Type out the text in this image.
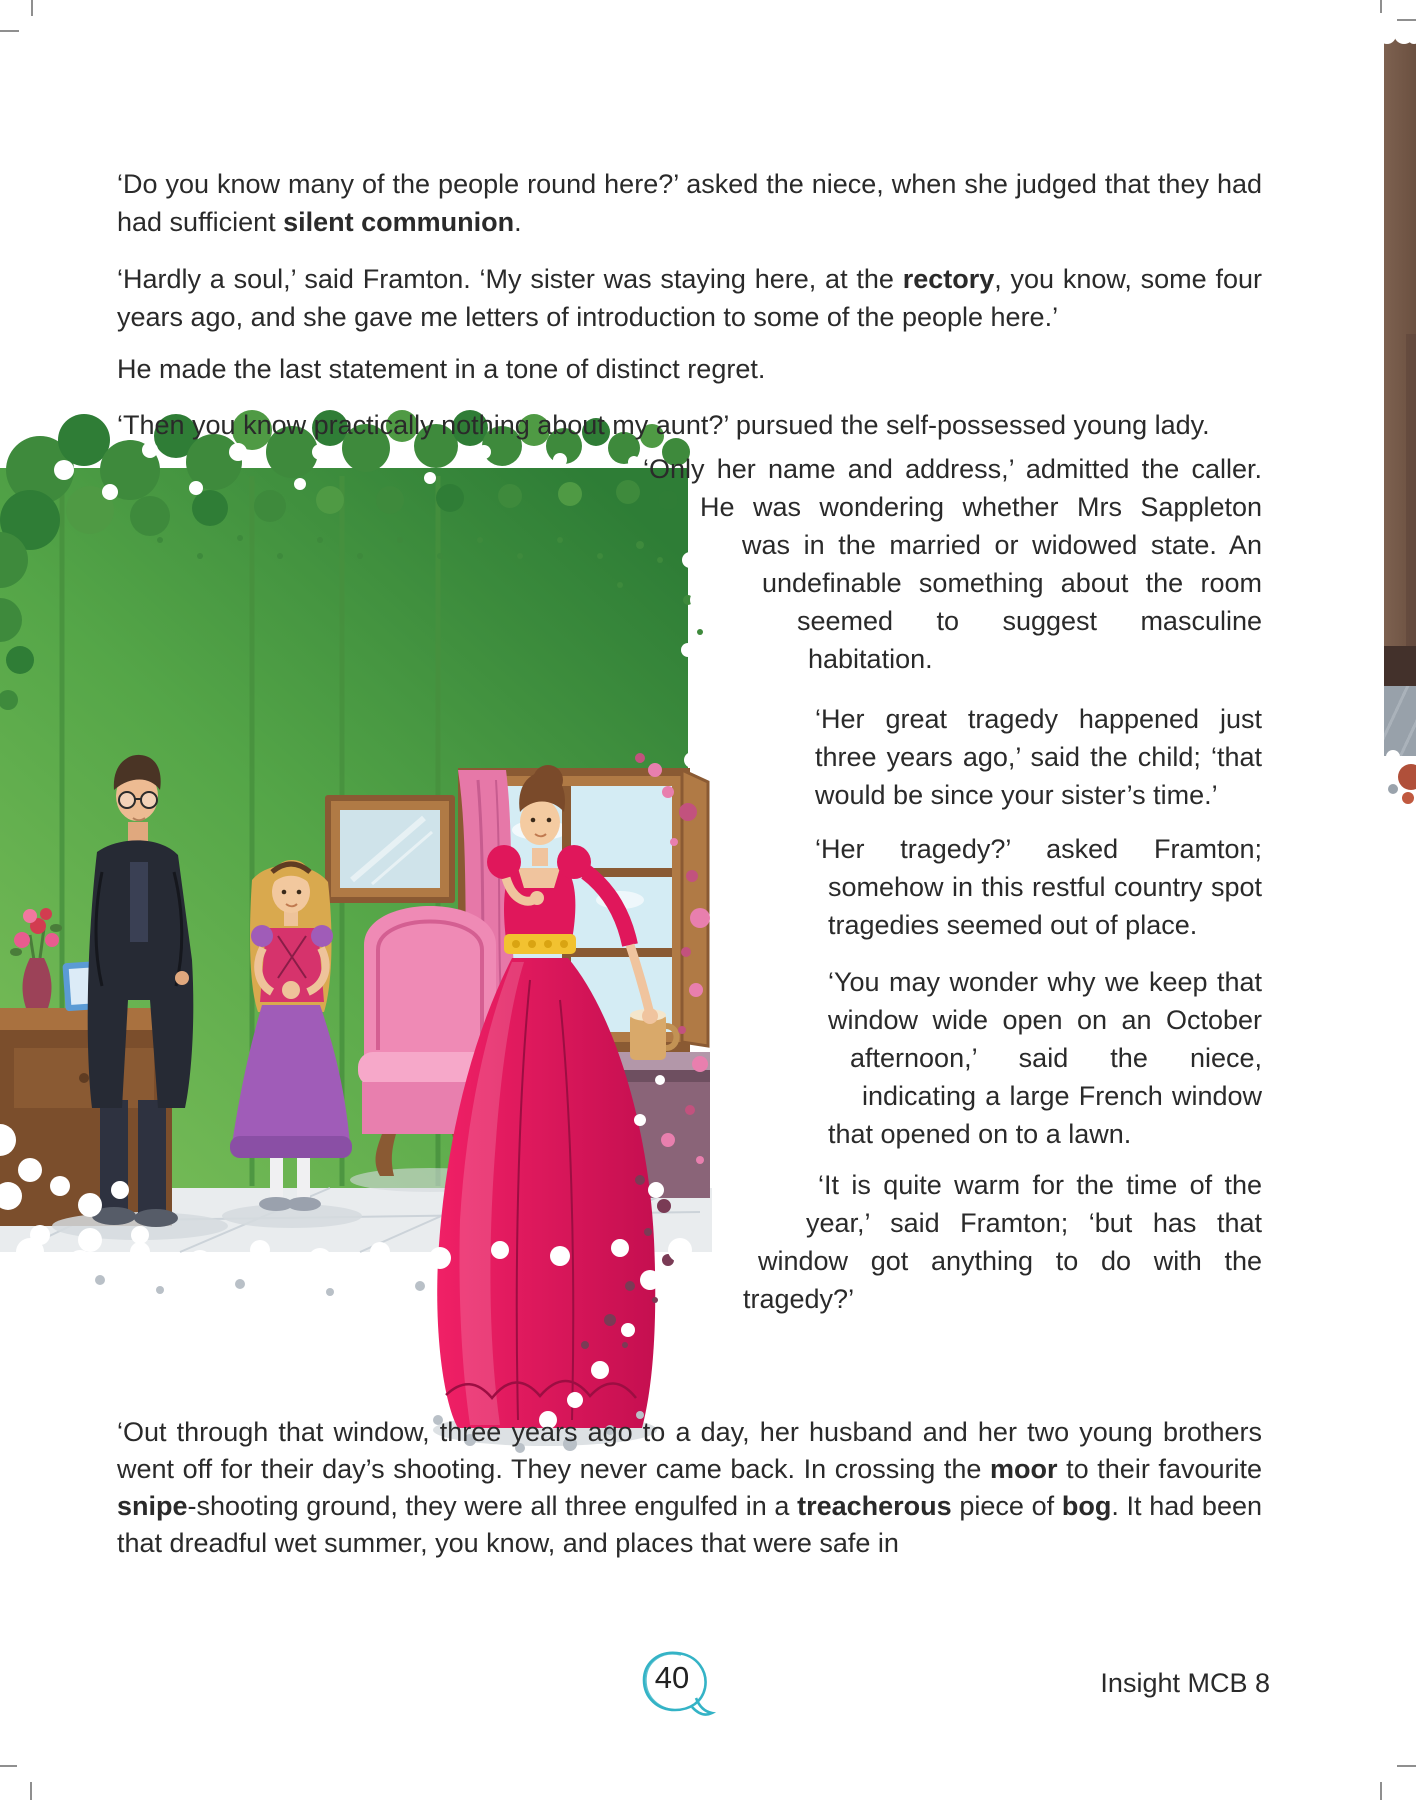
‘Do you know many of the people round here?’ asked the niece, when she judged that they had had sufficient silent communion.

‘Hardly a soul,’ said Framton. ‘My sister was staying here, at the rectory, you know, some four years ago, and she gave me letters of introduction to some of the people here.’

He made the last statement in a tone of distinct regret.

‘Then you know practically nothing about my aunt?’ pursued the self-possessed young lady.

‘Only her name and address,’ admitted the caller. He was wondering whether Mrs Sappleton was in the married or widowed state. An undefinable something about the room seemed to suggest masculine habitation.

‘Her great tragedy happened just three years ago,’ said the child; ‘that would be since your sister’s time.’

‘Her tragedy?’ asked Framton; somehow in this restful country spot tragedies seemed out of place.

‘You may wonder why we keep that window wide open on an October afternoon,’ said the niece, indicating a large French window that opened on to a lawn.

‘It is quite warm for the time of the year,’ said Framton; ‘but has that window got anything to do with the tragedy?’

‘Out through that window, three years ago to a day, her husband and her two young brothers went off for their day’s shooting. They never came back. In crossing the moor to their favourite snipe-shooting ground, they were all three engulfed in a treacherous piece of bog. It had been that dreadful wet summer, you know, and places that were safe in

40	Insight MCB 8
